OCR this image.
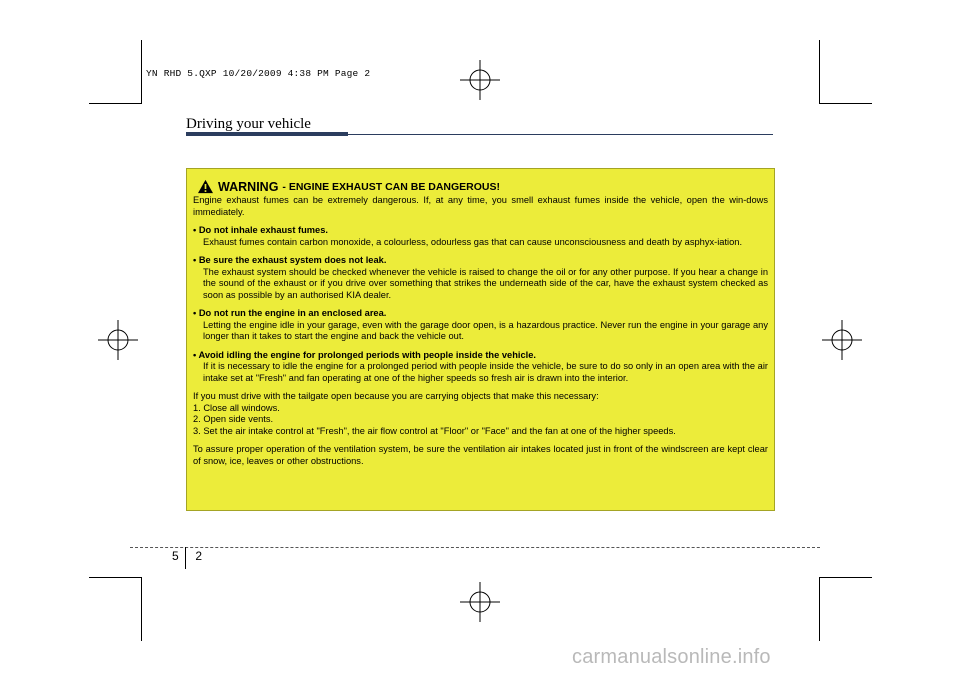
YN RHD 5.QXP 10/20/2009 4:38 PM Page 2
Driving your vehicle
WARNING - ENGINE EXHAUST CAN BE DANGEROUS!

Engine exhaust fumes can be extremely dangerous. If, at any time, you smell exhaust fumes inside the vehicle, open the win-dows immediately.

• Do not inhale exhaust fumes.

Exhaust fumes contain carbon monoxide, a colourless, odourless gas that can cause unconsciousness and death by asphyx-iation.

• Be sure the exhaust system does not leak.

The exhaust system should be checked whenever the vehicle is raised to change the oil or for any other purpose. If you hear a change in the sound of the exhaust or if you drive over something that strikes the underneath side of the car, have the exhaust system checked as soon as possible by an authorised KIA dealer.

• Do not run the engine in an enclosed area.

Letting the engine idle in your garage, even with the garage door open, is a hazardous practice. Never run the engine in your garage any longer than it takes to start the engine and back the vehicle out.

• Avoid idling the engine for prolonged periods with people inside the vehicle.

If it is necessary to idle the engine for a prolonged period with people inside the vehicle, be sure to do so only in an open area with the air intake set at "Fresh" and fan operating at one of the higher speeds so fresh air is drawn into the interior.

If you must drive with the tailgate open because you are carrying objects that make this necessary:

1. Close all windows.

2. Open side vents.

3. Set the air intake control at "Fresh", the air flow control at "Floor" or "Face" and the fan at one of the higher speeds.

To assure proper operation of the ventilation system, be sure the ventilation air intakes located just in front of the windscreen are kept clear of snow, ice, leaves or other obstructions.

5 2
carmanualsonline.info
